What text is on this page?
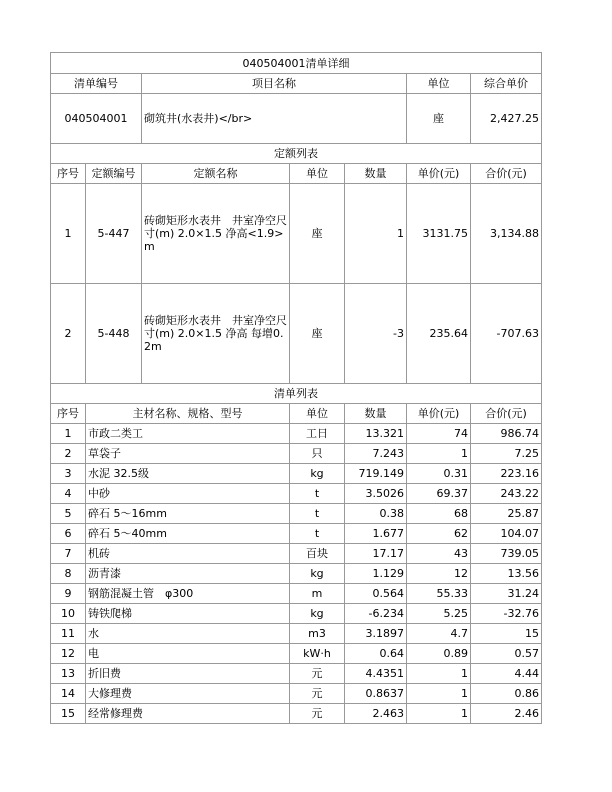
040504001清单详细						
清单编号		项目名称			单位	综合单价
040504001		砌筑井(水表井)</br>			座	2,427.25
定额列表						
序号	定额编号	定额名称	单位	数量	单价(元)	合价(元)
1	5-447	砖砌矩形水表井　井室净空尺寸(m) 2.0×1.5 净高<1.9>m	座	1	3131.75	3,134.88
2	5-448	砖砌矩形水表井　井室净空尺寸(m) 2.0×1.5 净高 每增0.2m	座	-3	235.64	-707.63
清单列表						
序号	主材名称、规格、型号		单位	数量	单价(元)	合价(元)
1	市政二类工		工日	13.321	74	986.74
2	草袋子		只	7.243	1	7.25
3	水泥 32.5级		kg	719.149	0.31	223.16
4	中砂		t	3.5026	69.37	243.22
5	碎石 5～16mm		t	0.38	68	25.87
6	碎石 5～40mm		t	1.677	62	104.07
7	机砖		百块	17.17	43	739.05
8	沥青漆		kg	1.129	12	13.56
9	钢筋混凝土管　φ300		m	0.564	55.33	31.24
10	铸铁爬梯		kg	-6.234	5.25	-32.76
11	水		m3	3.1897	4.7	15
12	电		kW·h	0.64	0.89	0.57
13	折旧费		元	4.4351	1	4.44
14	大修理费		元	0.8637	1	0.86
15	经常修理费		元	2.463	1	2.46
